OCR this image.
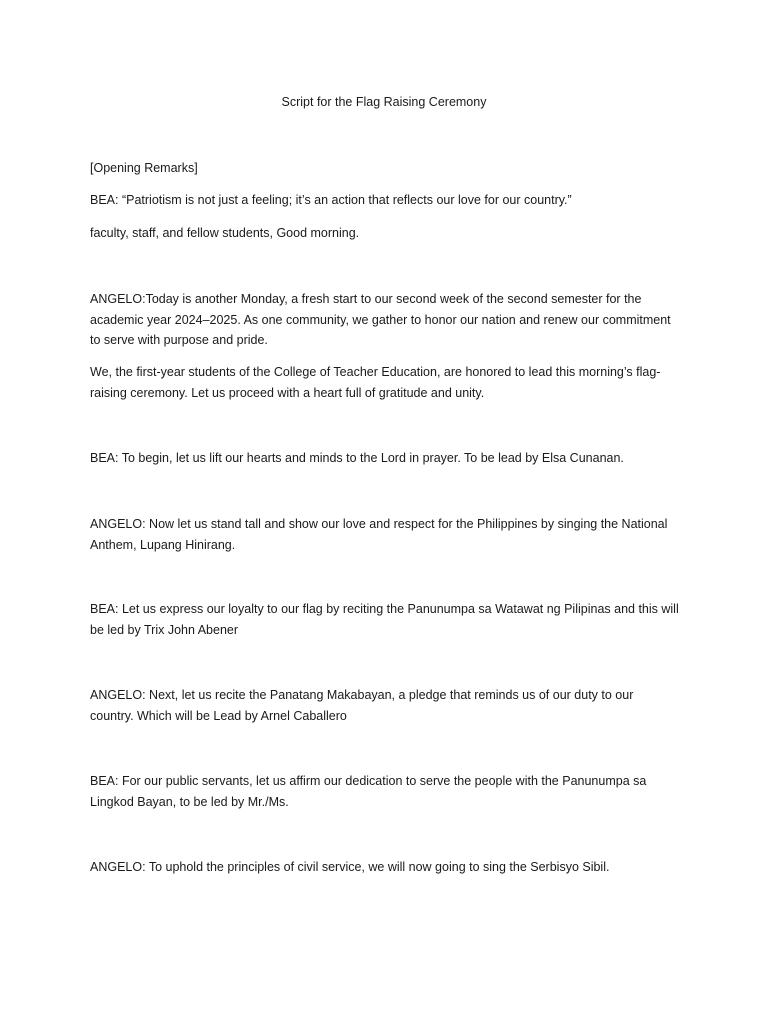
Script for the Flag Raising Ceremony

[Opening Remarks]

BEA: “Patriotism is not just a feeling; it’s an action that reflects our love for our country.”

faculty, staff, and fellow students, Good morning.

ANGELO:Today is another Monday, a fresh start to our second week of the second semester for the academic year 2024–2025. As one community, we gather to honor our nation and renew our commitment to serve with purpose and pride.

We, the first-year students of the College of Teacher Education, are honored to lead this morning’s flag-raising ceremony. Let us proceed with a heart full of gratitude and unity.

BEA: To begin, let us lift our hearts and minds to the Lord in prayer. To be lead by Elsa Cunanan.

ANGELO: Now let us stand tall and show our love and respect for the Philippines by singing the National Anthem, Lupang Hinirang.

BEA: Let us express our loyalty to our flag by reciting the Panunumpa sa Watawat ng Pilipinas and this will be led by Trix John Abener

ANGELO: Next, let us recite the Panatang Makabayan, a pledge that reminds us of our duty to our country. Which will be Lead by Arnel Caballero

BEA: For our public servants, let us affirm our dedication to serve the people with the Panunumpa sa Lingkod Bayan, to be led by Mr./Ms.

ANGELO: To uphold the principles of civil service, we will now going to sing the Serbisyo Sibil.
